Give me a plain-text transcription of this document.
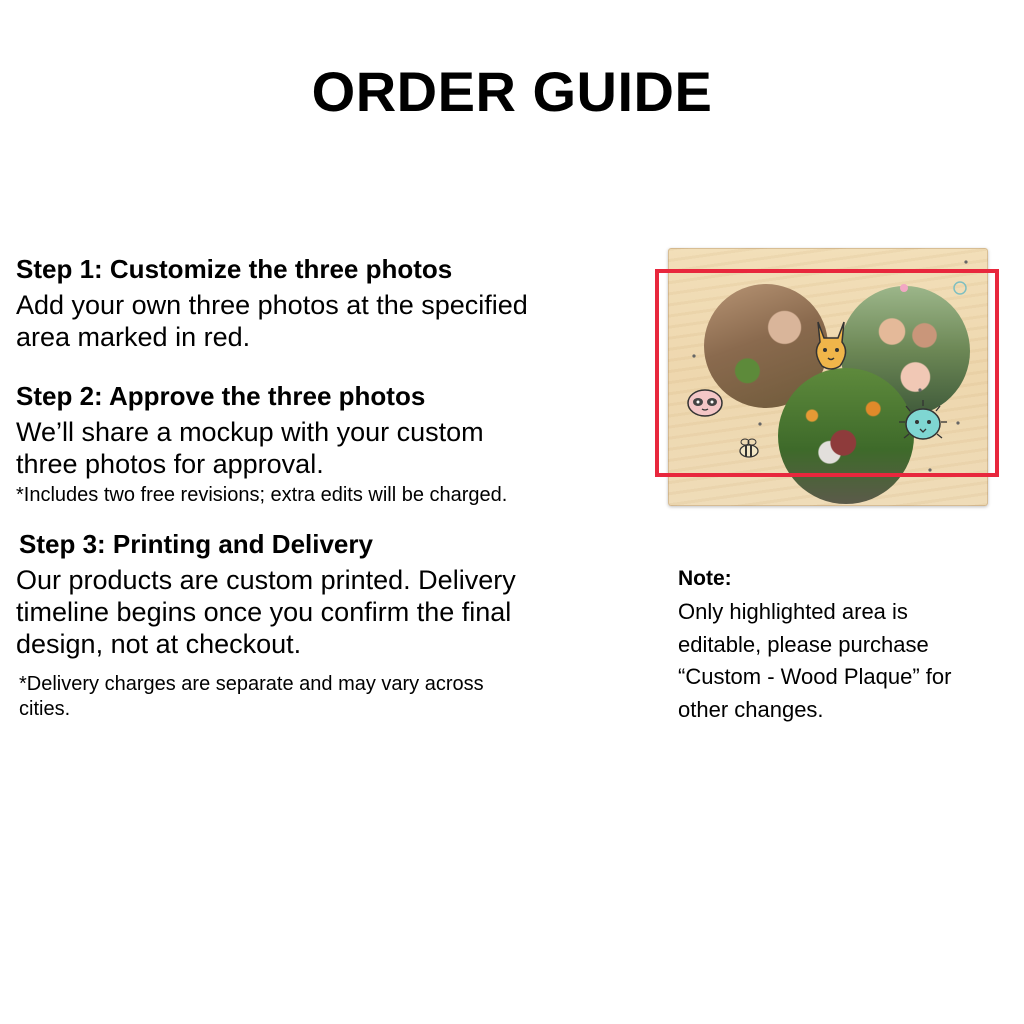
ORDER GUIDE
Step 1: Customize the three photos
Add your own three photos at the specified
area marked in red.
Step 2: Approve the three photos
We’ll share a mockup with your custom
three photos for approval.
*Includes two free revisions; extra edits will be charged.
Step 3: Printing and Delivery
Our products are custom printed. Delivery
timeline begins once you confirm the final
design, not at checkout.
*Delivery charges are separate and may vary across
cities.
Note:
Only highlighted area is
editable, please purchase
“Custom - Wood Plaque” for
other changes.
